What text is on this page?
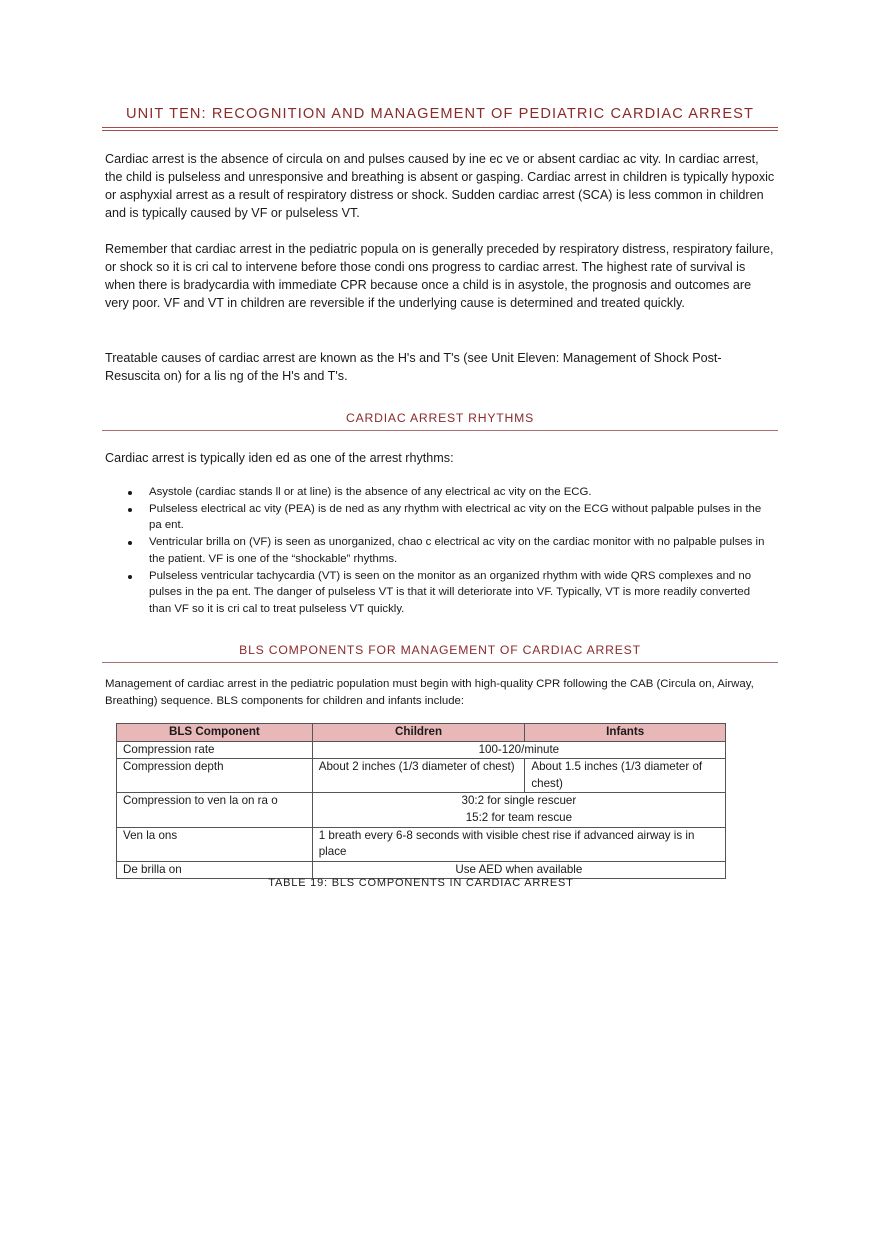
UNIT TEN: RECOGNITION AND MANAGEMENT OF PEDIATRIC CARDIAC ARREST

Cardiac arrest is the absence of circula on and pulses caused by ine ec ve or absent cardiac ac vity. In cardiac arrest, the child is pulseless and unresponsive and breathing is absent or gasping. Cardiac arrest in children is typically hypoxic or asphyxial arrest as a result of respiratory distress or shock. Sudden cardiac arrest (SCA) is less common in children and is typically caused by VF or pulseless VT.

Remember that cardiac arrest in the pediatric popula on is generally preceded by respiratory distress, respiratory failure, or shock so it is cri cal to intervene before those condi ons progress to cardiac arrest. The highest rate of survival is when there is bradycardia with immediate CPR because once a child is in asystole, the prognosis and outcomes are very poor. VF and VT in children are reversible if the underlying cause is determined and treated quickly.

Treatable causes of cardiac arrest are known as the H's and T's (see Unit Eleven: Management of Shock Post-Resuscita on) for a lis ng of the H's and T's.

CARDIAC ARREST RHYTHMS

Cardiac arrest is typically iden ed as one of the arrest rhythms:

Asystole (cardiac stands ll or at line) is the absence of any electrical ac vity on the ECG.
Pulseless electrical ac vity (PEA) is de ned as any rhythm with electrical ac vity on the ECG without palpable pulses in the pa ent.
Ventricular brilla on (VF) is seen as unorganized, chao c electrical ac vity on the cardiac monitor with no palpable pulses in the patient. VF is one of the “shockable” rhythms.
Pulseless ventricular tachycardia (VT) is seen on the monitor as an organized rhythm with wide QRS complexes and no pulses in the pa ent. The danger of pulseless VT is that it will deteriorate into VF. Typically, VT is more readily converted than VF so it is cri cal to treat pulseless VT quickly.
BLS COMPONENTS FOR MANAGEMENT OF CARDIAC ARREST

Management of cardiac arrest in the pediatric population must begin with high-quality CPR following the CAB (Circula on, Airway, Breathing) sequence. BLS components for children and infants include:

BLS Component	Children	Infants
Compression rate	100-120/minute	
Compression depth	About 2 inches (1/3 diameter of chest)	About 1.5 inches (1/3 diameter of chest)
Compression to ven la on ra o	30:2 for single rescuer
15:2 for team rescue	

Ven la ons	1 breath every 6-8 seconds with visible chest rise if advanced airway is in place	
De brilla on	Use AED when available	
TABLE 19: BLS COMPONENTS IN CARDIAC ARREST
